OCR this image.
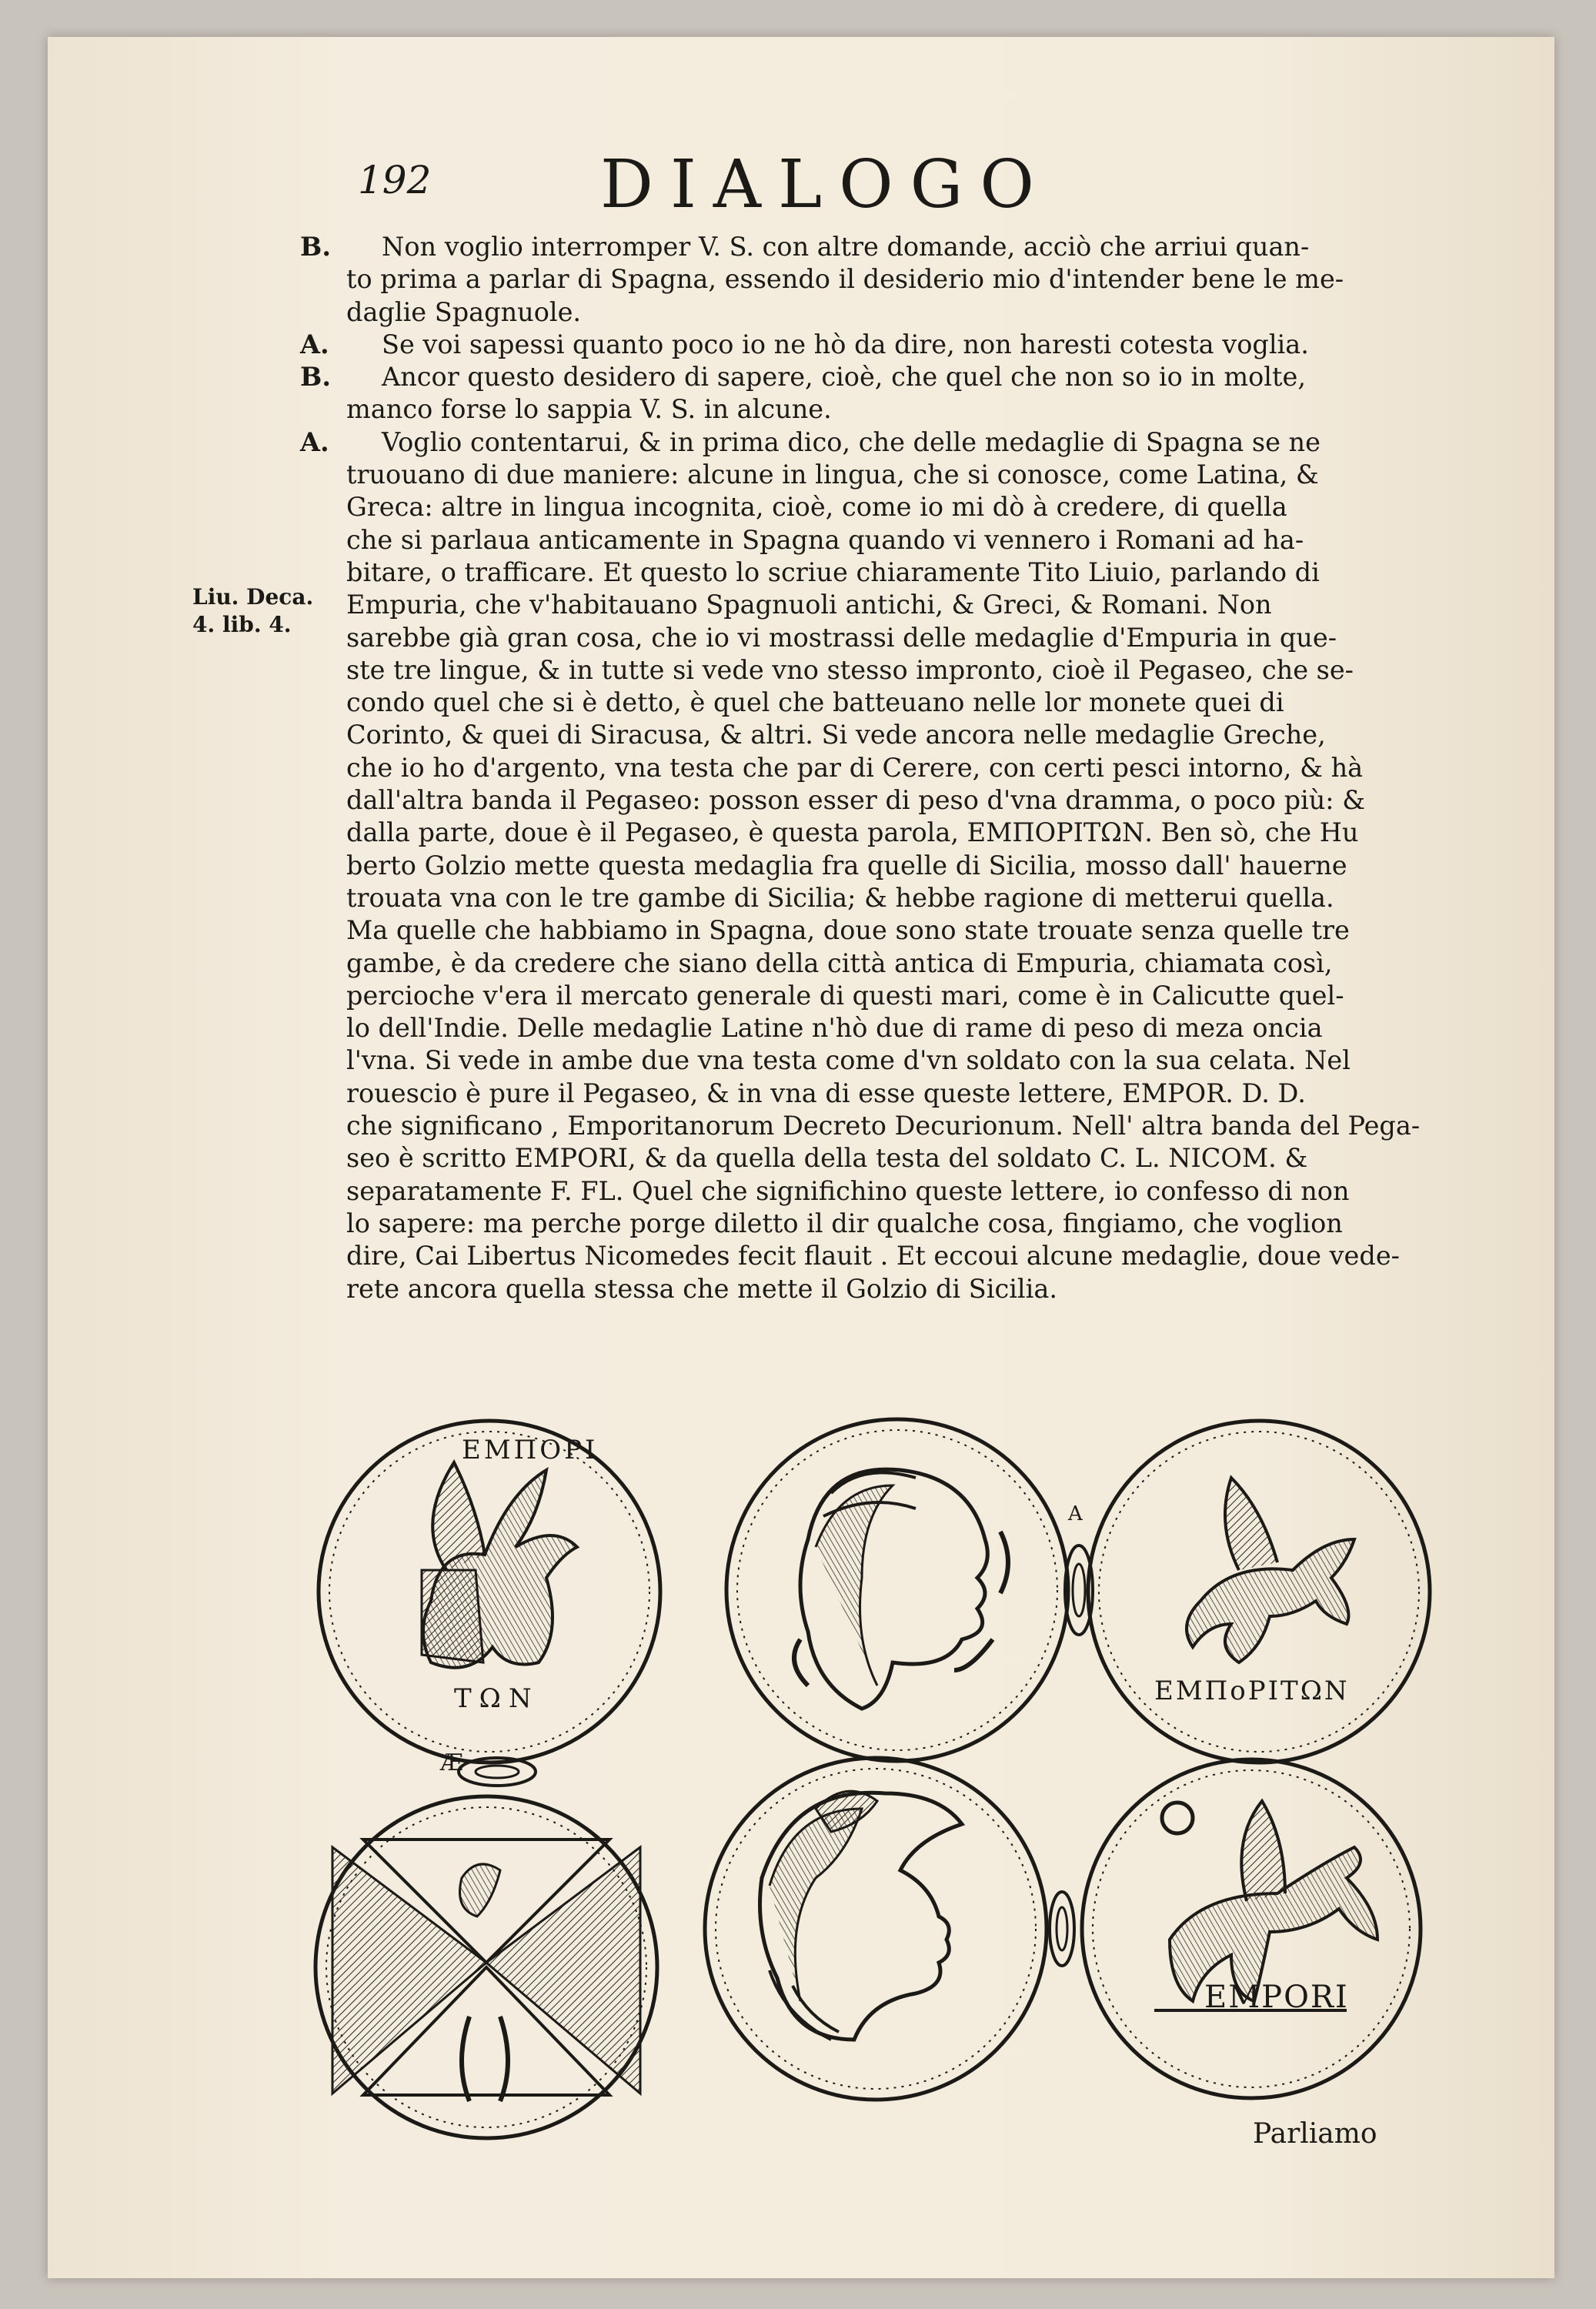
192	DIALOGO
Liu. Deca.
4. lib. 4.
B.	Non voglio interromper V. S. con altre domande, acciò che arriui quan-
to prima a parlar di Spagna, essendo il desiderio mio d'intender bene le me-
daglie Spagnuole.
A.	Se voi sapessi quanto poco io ne hò da dire, non haresti cotesta voglia.
B.	Ancor questo desidero di sapere, cioè, che quel che non so io in molte,
manco forse lo sappia V. S. in alcune.
A.	Voglio contentarui, & in prima dico, che delle medaglie di Spagna se ne
truouano di due maniere: alcune in lingua, che si conosce, come Latina, &
Greca: altre in lingua incognita, cioè, come io mi dò à credere, di quella
che si parlaua anticamente in Spagna quando vi vennero i Romani ad ha-
bitare, o trafficare. Et questo lo scriue chiaramente Tito Liuio, parlando di
Empuria, che v'habitauano Spagnuoli antichi, & Greci, & Romani. Non
sarebbe già gran cosa, che io vi mostrassi delle medaglie d'Empuria in que-
ste tre lingue, & in tutte si vede vno stesso impronto, cioè il Pegaseo, che se-
condo quel che si è detto, è quel che batteuano nelle lor monete quei di
Corinto, & quei di Siracusa, & altri. Si vede ancora nelle medaglie Greche,
che io ho d'argento, vna testa che par di Cerere, con certi pesci intorno, & hà
dall'altra banda il Pegaseo: posson esser di peso d'vna dramma, o poco più: &
dalla parte, doue è il Pegaseo, è questa parola, ΕΜΠΟΡΙΤΩΝ. Ben sò, che Hu
berto Golzio mette questa medaglia fra quelle di Sicilia, mosso dall' hauerne
trouata vna con le tre gambe di Sicilia; & hebbe ragione di metterui quella.
Ma quelle che habbiamo in Spagna, doue sono state trouate senza quelle tre
gambe, è da credere che siano della città antica di Empuria, chiamata così,
percioche v'era il mercato generale di questi mari, come è in Calicutte quel-
lo dell'Indie. Delle medaglie Latine n'hò due di rame di peso di meza oncia
l'vna. Si vede in ambe due vna testa come d'vn soldato con la sua celata. Nel
rouescio è pure il Pegaseo, & in vna di esse queste lettere, EMPOR. D. D.
che significano , Emporitanorum Decreto Decurionum. Nell' altra banda del Pega-
seo è scritto EMPORI, & da quella della testa del soldato C. L. NICOM. &
separatamente F. FL. Quel che significhino queste lettere, io confesso di non
lo sapere: ma perche porge diletto il dir qualche cosa, fingiamo, che voglion
dire, Cai Libertus Nicomedes fecit flauit . Et eccoui alcune medaglie, doue vede-
rete ancora quella stessa che mette il Golzio di Sicilia.
ΕΜΠΟΡΙ
ΤΩΝ
Æ
A
ΕΜΠοΡΙΤΩΝ
EMPORI
Parliamo
